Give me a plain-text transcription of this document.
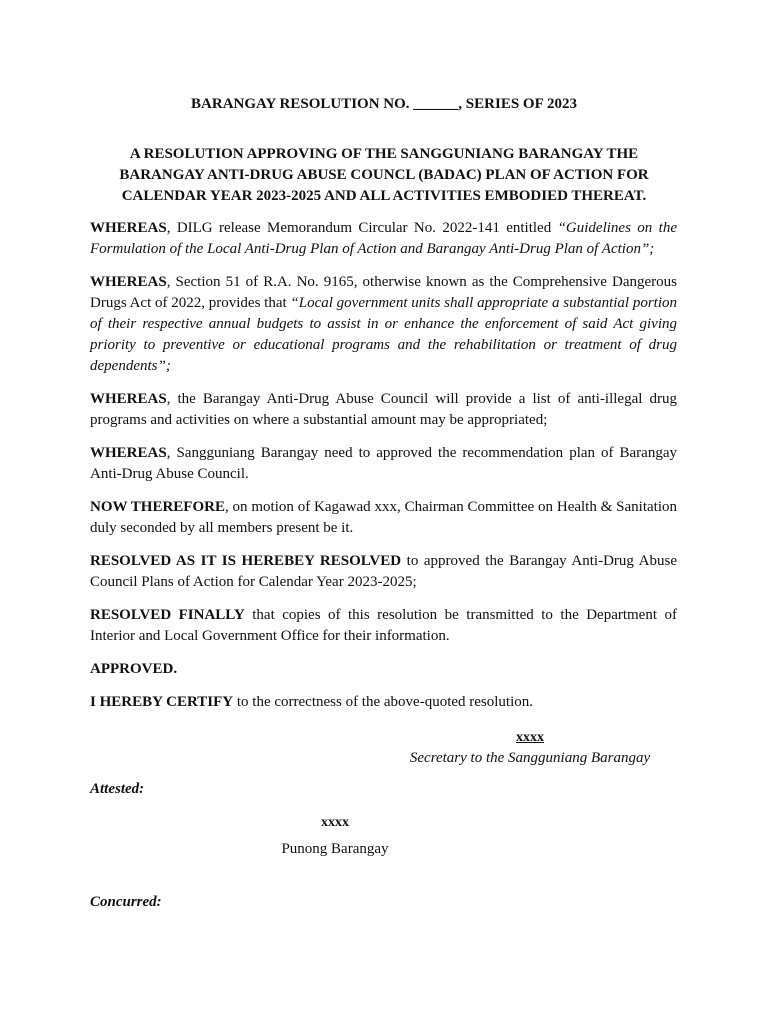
BARANGAY RESOLUTION NO. ______, SERIES OF 2023
A RESOLUTION APPROVING OF THE SANGGUNIANG BARANGAY THE
BARANGAY ANTI-DRUG ABUSE COUNCL (BADAC) PLAN OF ACTION FOR
CALENDAR YEAR 2023-2025 AND ALL ACTIVITIES EMBODIED THEREAT.

WHEREAS, DILG release Memorandum Circular No. 2022-141 entitled “Guidelines on the Formulation of the Local Anti-Drug Plan of Action and Barangay Anti-Drug Plan of Action”;

WHEREAS, Section 51 of R.A. No. 9165, otherwise known as the Comprehensive Dangerous Drugs Act of 2022, provides that “Local government units shall appropriate a substantial portion of their respective annual budgets to assist in or enhance the enforcement of said Act giving priority to preventive or educational programs and the rehabilitation or treatment of drug dependents”;

WHEREAS, the Barangay Anti-Drug Abuse Council will provide a list of anti-illegal drug programs and activities on where a substantial amount may be appropriated;

WHEREAS, Sangguniang Barangay need to approved the recommendation plan of Barangay Anti-Drug Abuse Council.

NOW THEREFORE, on motion of Kagawad xxx, Chairman Committee on Health & Sanitation duly seconded by all members present be it.

RESOLVED AS IT IS HEREBEY RESOLVED to approved the Barangay Anti-Drug Abuse Council Plans of Action for Calendar Year 2023-2025;

RESOLVED FINALLY that copies of this resolution be transmitted to the Department of Interior and Local Government Office for their information.

APPROVED.

I HEREBY CERTIFY to the correctness of the above-quoted resolution.

xxxx
Secretary to the Sangguniang Barangay
Attested:
xxxx
Punong Barangay
Concurred:
